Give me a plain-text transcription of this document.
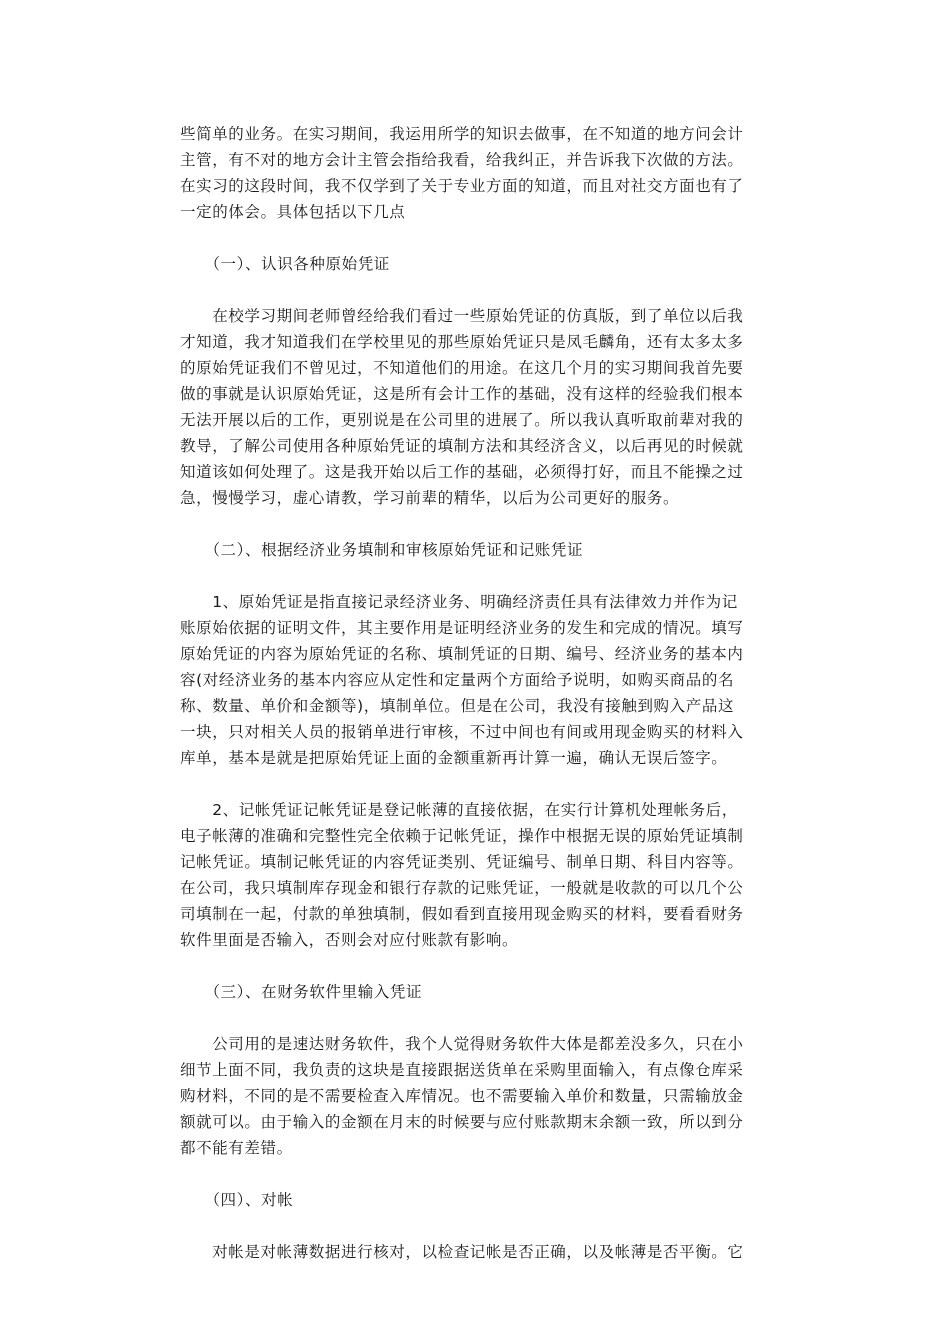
些简单的业务。在实习期间，我运用所学的知识去做事，在不知道的地方问会计
主管，有不对的地方会计主管会指给我看，给我纠正，并告诉我下次做的方法。
在实习的这段时间，我不仅学到了关于专业方面的知道，而且对社交方面也有了
一定的体会。具体包括以下几点
　　（一）、认识各种原始凭证
　　在校学习期间老师曾经给我们看过一些原始凭证的仿真版，到了单位以后我
才知道，我才知道我们在学校里见的那些原始凭证只是凤毛麟角，还有太多太多
的原始凭证我们不曾见过，不知道他们的用途。在这几个月的实习期间我首先要
做的事就是认识原始凭证，这是所有会计工作的基础，没有这样的经验我们根本
无法开展以后的工作，更别说是在公司里的进展了。所以我认真听取前辈对我的
教导，了解公司使用各种原始凭证的填制方法和其经济含义，以后再见的时候就
知道该如何处理了。这是我开始以后工作的基础，必须得打好，而且不能操之过
急，慢慢学习，虚心请教，学习前辈的精华，以后为公司更好的服务。
　　（二）、根据经济业务填制和审核原始凭证和记账凭证
　　1、原始凭证是指直接记录经济业务、明确经济责任具有法律效力并作为记
账原始依据的证明文件，其主要作用是证明经济业务的发生和完成的情况。填写
原始凭证的内容为原始凭证的名称、填制凭证的日期、编号、经济业务的基本内
容(对经济业务的基本内容应从定性和定量两个方面给予说明，如购买商品的名
称、数量、单价和金额等)，填制单位。但是在公司，我没有接触到购入产品这
一块，只对相关人员的报销单进行审核，不过中间也有间或用现金购买的材料入
库单，基本是就是把原始凭证上面的金额重新再计算一遍，确认无误后签字。
　　2、记帐凭证记帐凭证是登记帐薄的直接依据，在实行计算机处理帐务后，
电子帐薄的准确和完整性完全依赖于记帐凭证，操作中根据无误的原始凭证填制
记帐凭证。填制记帐凭证的内容凭证类别、凭证编号、制单日期、科目内容等。
在公司，我只填制库存现金和银行存款的记账凭证，一般就是收款的可以几个公
司填制在一起，付款的单独填制，假如看到直接用现金购买的材料，要看看财务
软件里面是否输入，否则会对应付账款有影响。
　　（三）、在财务软件里输入凭证
　　公司用的是速达财务软件，我个人觉得财务软件大体是都差没多久，只在小
细节上面不同，我负责的这块是直接跟据送货单在采购里面输入，有点像仓库采
购材料，不同的是不需要检查入库情况。也不需要输入单价和数量，只需输放金
额就可以。由于输入的金额在月末的时候要与应付账款期末余额一致，所以到分
都不能有差错。
　　（四）、对帐
　　对帐是对帐薄数据进行核对，以检查记帐是否正确，以及帐薄是否平衡。它
